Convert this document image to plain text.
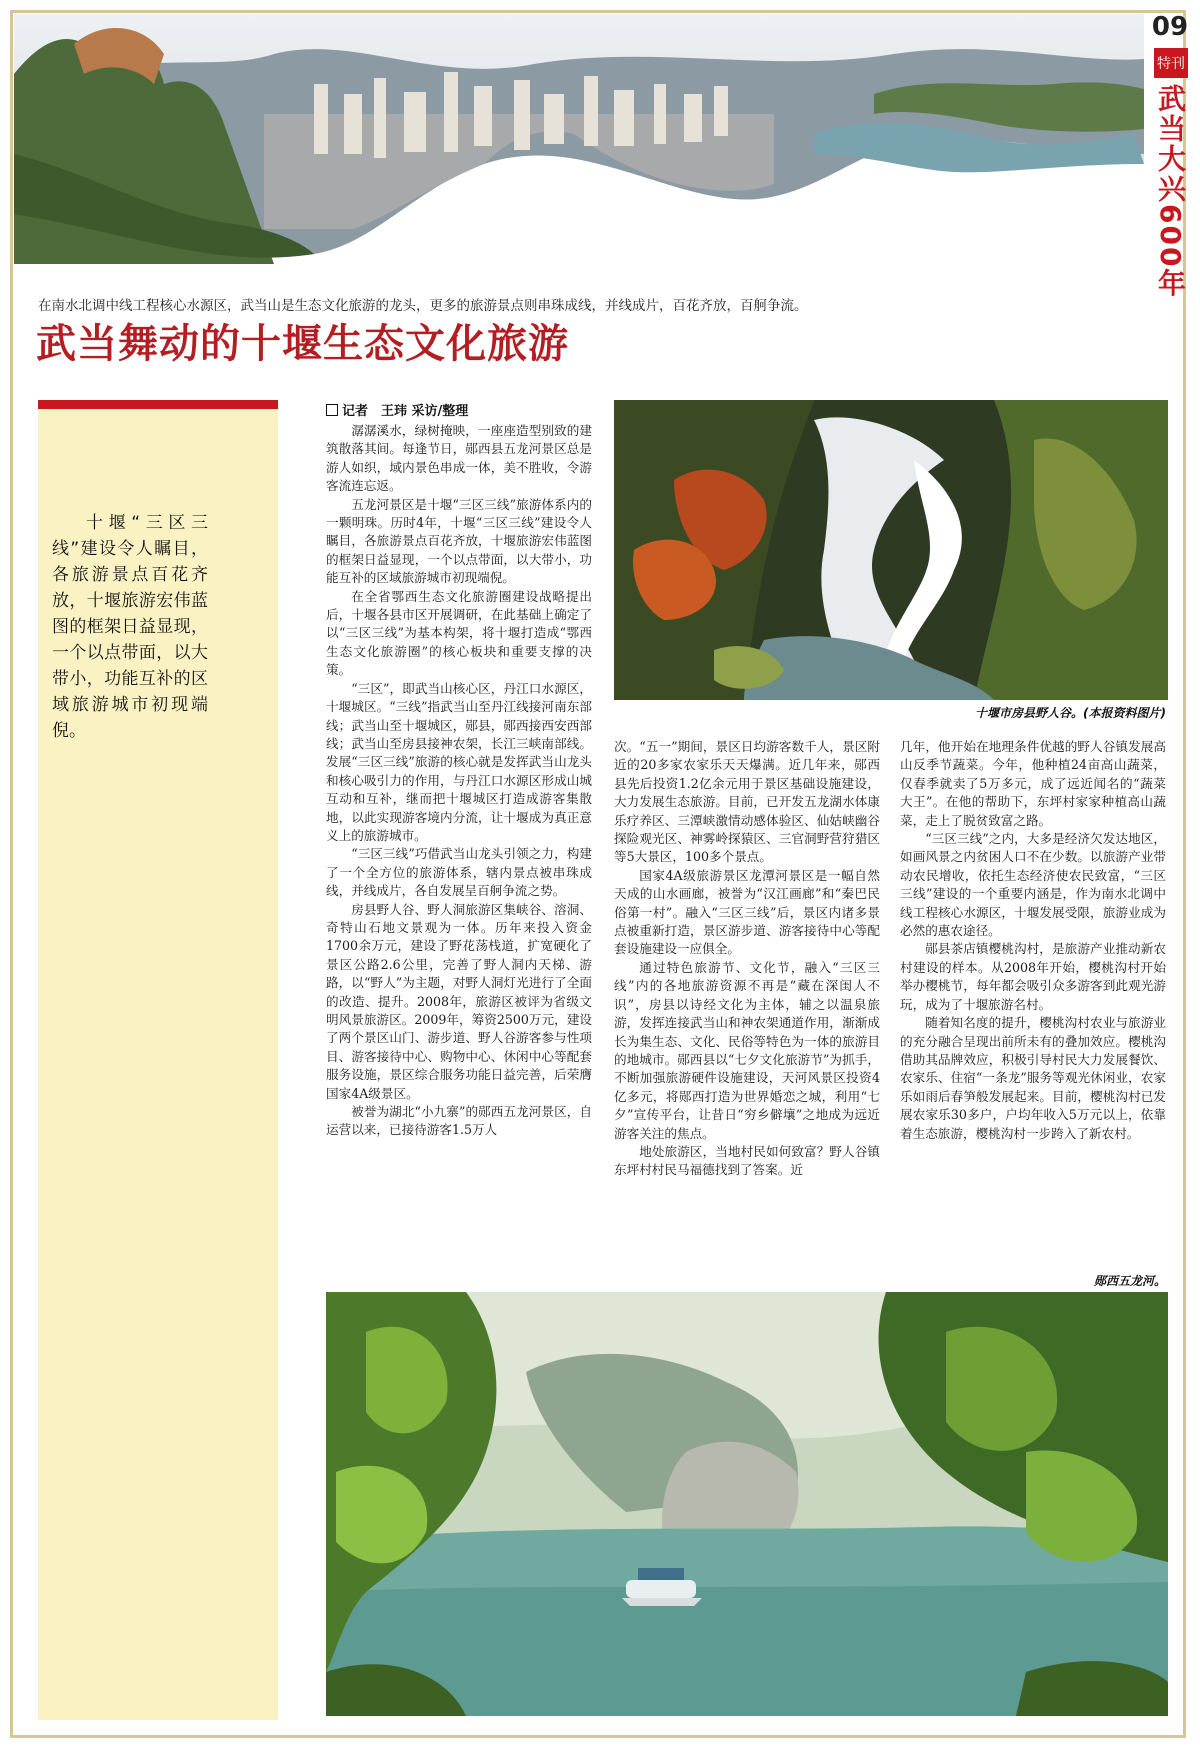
09
特刊
武当大兴600年
在南水北调中线工程核心水源区，武当山是生态文化旅游的龙头，更多的旅游景点则串珠成线，并线成片，百花齐放，百舸争流。
武当舞动的十堰生态文化旅游
十堰“三区三线”建设令人瞩目，各旅游景点百花齐放，十堰旅游宏伟蓝图的框架日益显现，一个以点带面，以大带小，功能互补的区域旅游城市初现端倪。
记者　王玮 采访/整理

潺潺溪水，绿树掩映，一座座造型别致的建筑散落其间。每逢节日，郧西县五龙河景区总是游人如织，域内景色串成一体，美不胜收，令游客流连忘返。

五龙河景区是十堰“三区三线”旅游体系内的一颗明珠。历时4年，十堰“三区三线”建设令人瞩目，各旅游景点百花齐放，十堰旅游宏伟蓝图的框架日益显现，一个以点带面，以大带小，功能互补的区域旅游城市初现端倪。

在全省鄂西生态文化旅游圈建设战略提出后，十堰各县市区开展调研，在此基础上确定了以“三区三线”为基本构架，将十堰打造成“鄂西生态文化旅游圈”的核心板块和重要支撑的决策。

“三区”，即武当山核心区，丹江口水源区，十堰城区。“三线”指武当山至丹江线接河南东部线；武当山至十堰城区，郧县，郧西接西安西部线；武当山至房县接神农架，长江三峡南部线。发展“三区三线”旅游的核心就是发挥武当山龙头和核心吸引力的作用，与丹江口水源区形成山城互动和互补，继而把十堰城区打造成游客集散地，以此实现游客境内分流，让十堰成为真正意义上的旅游城市。

“三区三线”巧借武当山龙头引领之力，构建了一个全方位的旅游体系，辖内景点被串珠成线，并线成片，各自发展呈百舸争流之势。

房县野人谷、野人洞旅游区集峡谷、溶洞、奇特山石地文景观为一体。历年来投入资金1700余万元，建设了野花荡栈道，扩宽硬化了景区公路2.6公里，完善了野人洞内天梯、游路，以“野人”为主题，对野人洞灯光进行了全面的改造、提升。2008年，旅游区被评为省级文明风景旅游区。2009年，筹资2500万元，建设了两个景区山门、游步道、野人谷游客参与性项目、游客接待中心、购物中心、休闲中心等配套服务设施，景区综合服务功能日益完善，后荣膺国家4A级景区。

被誉为湖北“小九寨”的郧西五龙河景区，自运营以来，已接待游客1.5万人

十堰市房县野人谷。(本报资料图片)

次。“五一”期间，景区日均游客数千人，景区附近的20多家农家乐天天爆满。近几年来，郧西县先后投资1.2亿余元用于景区基础设施建设，大力发展生态旅游。目前，已开发五龙湖水体康乐疗养区、三潭峡激情动感体验区、仙姑峡幽谷探险观光区、神雾岭探猿区、三官洞野营狩猎区等5大景区，100多个景点。

国家4A级旅游景区龙潭河景区是一幅自然天成的山水画廊，被誉为“汉江画廊”和“秦巴民俗第一村”。融入“三区三线”后，景区内诸多景点被重新打造，景区游步道、游客接待中心等配套设施建设一应俱全。

通过特色旅游节、文化节，融入“三区三线”内的各地旅游资源不再是“藏在深闺人不识”，房县以诗经文化为主体，辅之以温泉旅游，发挥连接武当山和神农架通道作用，渐渐成长为集生态、文化、民俗等特色为一体的旅游目的地城市。郧西县以“七夕文化旅游节”为抓手，不断加强旅游硬件设施建设，天河风景区投资4亿多元，将郧西打造为世界婚恋之城，利用“七夕”宣传平台，让昔日“穷乡僻壤”之地成为远近游客关注的焦点。

地处旅游区，当地村民如何致富？野人谷镇东坪村村民马福德找到了答案。近

几年，他开始在地理条件优越的野人谷镇发展高山反季节蔬菜。今年，他种植24亩高山蔬菜，仅春季就卖了5万多元，成了远近闻名的“蔬菜大王”。在他的帮助下，东坪村家家种植高山蔬菜，走上了脱贫致富之路。

“三区三线”之内，大多是经济欠发达地区，如画风景之内贫困人口不在少数。以旅游产业带动农民增收，依托生态经济使农民致富，“三区三线”建设的一个重要内涵是，作为南水北调中线工程核心水源区，十堰发展受限，旅游业成为必然的惠农途径。

郧县茶店镇樱桃沟村，是旅游产业推动新农村建设的样本。从2008年开始，樱桃沟村开始举办樱桃节，每年都会吸引众多游客到此观光游玩，成为了十堰旅游名村。

随着知名度的提升，樱桃沟村农业与旅游业的充分融合呈现出前所未有的叠加效应。樱桃沟借助其品牌效应，积极引导村民大力发展餐饮、农家乐、住宿“一条龙”服务等观光休闲业，农家乐如雨后春笋般发展起来。目前，樱桃沟村已发展农家乐30多户，户均年收入5万元以上，依靠着生态旅游，樱桃沟村一步跨入了新农村。

郧西五龙河。
